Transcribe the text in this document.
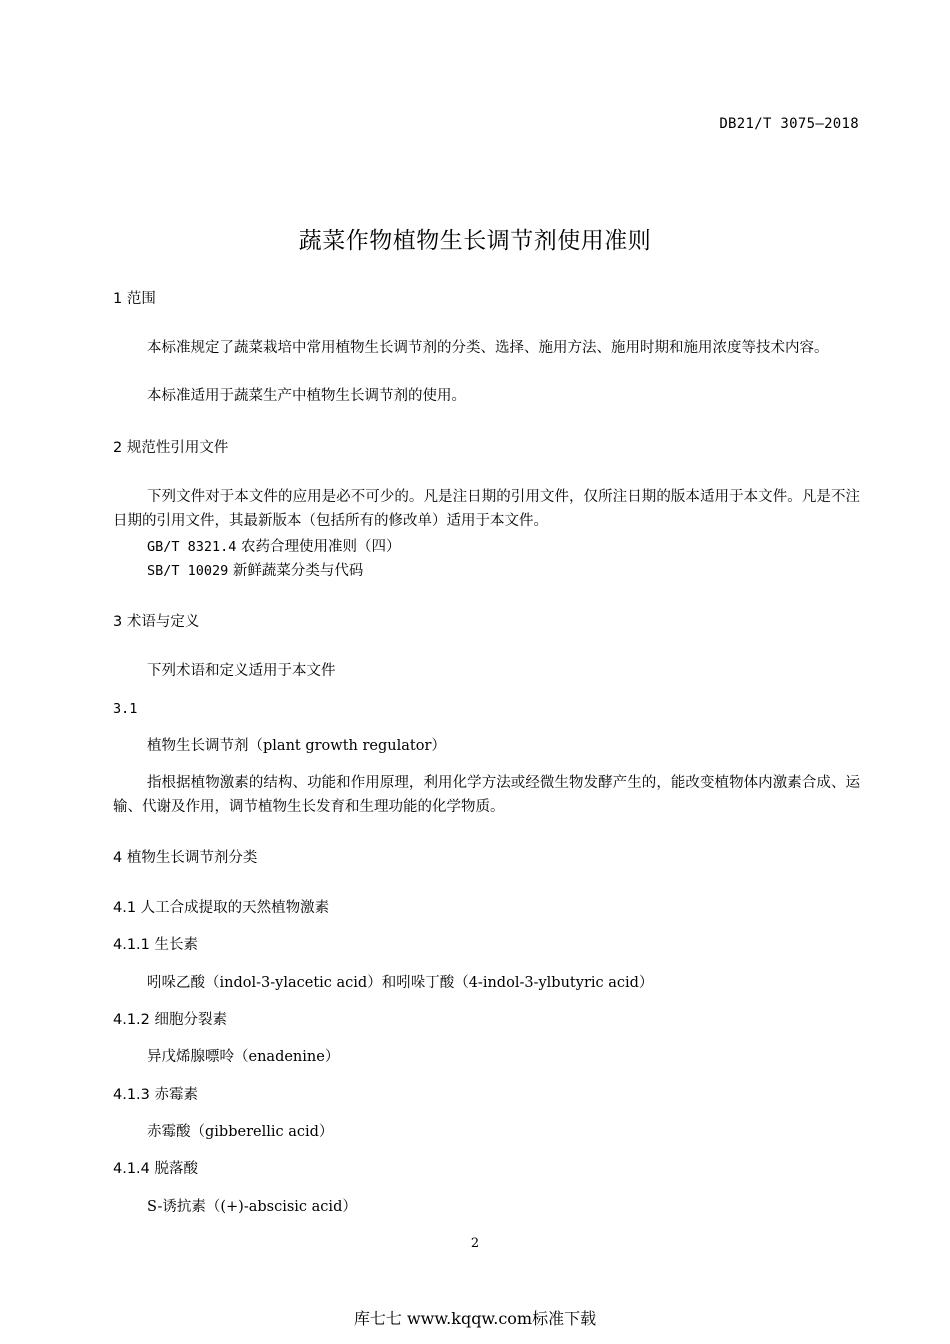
DB21/T 3075—2018
蔬菜作物植物生长调节剂使用准则
1 范围
本标准规定了蔬菜栽培中常用植物生长调节剂的分类、选择、施用方法、施用时期和施用浓度等技术内容。
本标准适用于蔬菜生产中植物生长调节剂的使用。
2 规范性引用文件
下列文件对于本文件的应用是必不可少的。凡是注日期的引用文件，仅所注日期的版本适用于本文件。凡是不注日期的引用文件，其最新版本（包括所有的修改单）适用于本文件。
GB/T 8321.4 农药合理使用准则（四）
SB/T 10029 新鲜蔬菜分类与代码
3 术语与定义
下列术语和定义适用于本文件
3.1
植物生长调节剂（plant growth regulator）
指根据植物激素的结构、功能和作用原理，利用化学方法或经微生物发酵产生的，能改变植物体内激素合成、运输、代谢及作用，调节植物生长发育和生理功能的化学物质。
4 植物生长调节剂分类
4.1 人工合成提取的天然植物激素
4.1.1 生长素
吲哚乙酸（indol-3-ylacetic acid）和吲哚丁酸（4-indol-3-ylbutyric acid）
4.1.2 细胞分裂素
异戊烯腺嘌呤（enadenine）
4.1.3 赤霉素
赤霉酸（gibberellic acid）
4.1.4 脱落酸
S-诱抗素（(+)-abscisic acid）
2
库七七 www.kqqw.com标准下载
